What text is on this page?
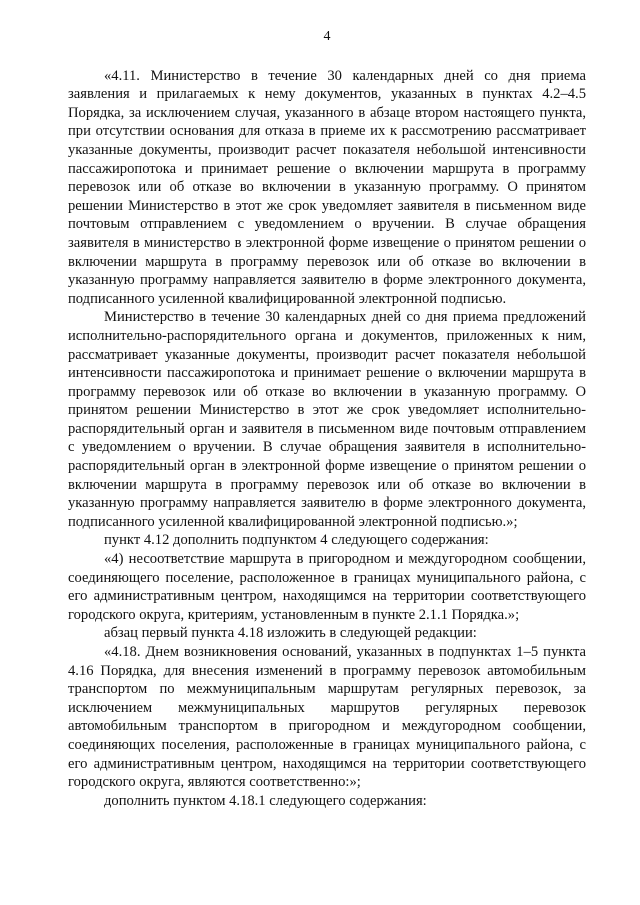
4

«4.11. Министерство в течение 30 календарных дней со дня приема заявления и прилагаемых к нему документов, указанных в пунктах 4.2–4.5 Порядка, за исключением случая, указанного в абзаце втором настоящего пункта, при отсутствии основания для отказа в приеме их к рассмотрению рассматривает указанные документы, производит расчет показателя небольшой интенсивности пассажиропотока и принимает решение о включении маршрута в программу перевозок или об отказе во включении в указанную программу. О принятом решении Министерство в этот же срок уведомляет заявителя в письменном виде почтовым отправлением с уведомлением о вручении. В случае обращения заявителя в министерство в электронной форме извещение о принятом решении о включении маршрута в программу перевозок или об отказе во включении в указанную программу направляется заявителю в форме электронного документа, подписанного усиленной квалифицированной электронной подписью.

Министерство в течение 30 календарных дней со дня приема предложений исполнительно-распорядительного органа и документов, приложенных к ним, рассматривает указанные документы, производит расчет показателя небольшой интенсивности пассажиропотока и принимает решение о включении маршрута в программу перевозок или об отказе во включении в указанную программу. О принятом решении Министерство в этот же срок уведомляет исполнительно-распорядительный орган и заявителя в письменном виде почтовым отправлением с уведомлением о вручении. В случае обращения заявителя в исполнительно-распорядительный орган в электронной форме извещение о принятом решении о включении маршрута в программу перевозок или об отказе во включении в указанную программу направляется заявителю в форме электронного документа, подписанного усиленной квалифицированной электронной подписью.»;

пункт 4.12 дополнить подпунктом 4 следующего содержания:

«4) несоответствие маршрута в пригородном и междугородном сообщении, соединяющего поселение, расположенное в границах муниципального района, с его административным центром, находящимся на территории соответствующего городского округа, критериям, установленным в пункте 2.1.1 Порядка.»;

абзац первый пункта 4.18 изложить в следующей редакции:

«4.18. Днем возникновения оснований, указанных в подпунктах 1–5 пункта 4.16 Порядка, для внесения изменений в программу перевозок автомобильным транспортом по межмуниципальным маршрутам регулярных перевозок, за исключением межмуниципальных маршрутов регулярных перевозок автомобильным транспортом в пригородном и междугородном сообщении, соединяющих поселения, расположенные в границах муниципального района, с его административным центром, находящимся на территории соответствующего городского округа, являются соответственно:»;

дополнить пунктом 4.18.1 следующего содержания:
